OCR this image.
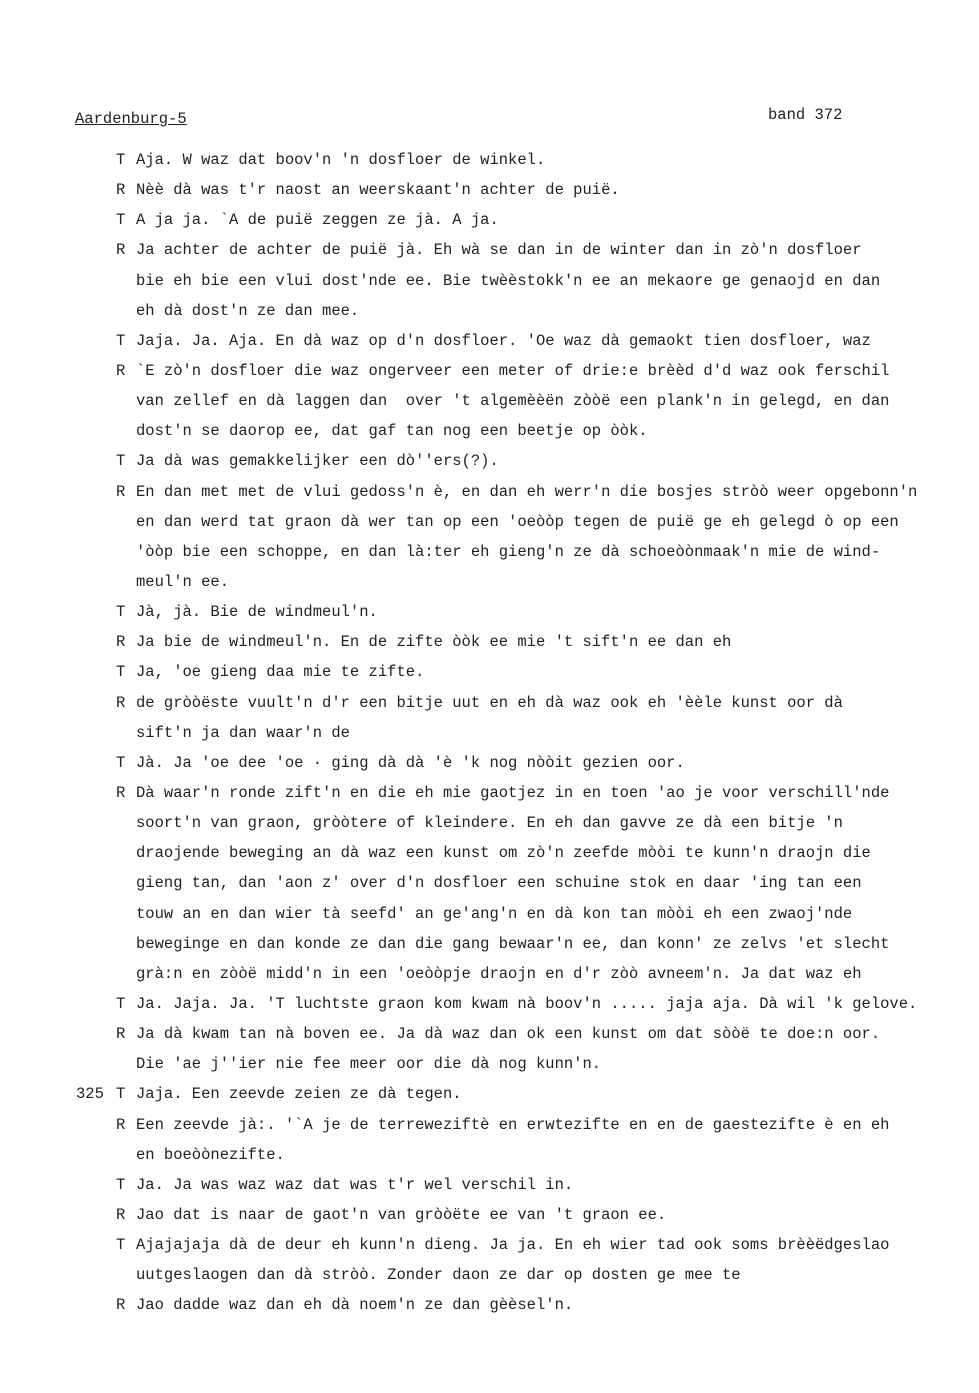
Aardenburg-5	band 372
T Aja. W waz dat boov'n 'n dosfloer de winkel.
R Nèè dà was t'r naost an weerskaant'n achter de puië.
T A ja ja. `A de puië zeggen ze jà. A ja.
R Ja achter de achter de puië jà. Eh wà se dan in de winter dan in zò'n dosfloer
bie eh bie een vlui dost'nde ee. Bie twèèstokk'n ee an mekaore ge genaojd en dan
eh dà dost'n ze dan mee.
T Jaja. Ja. Aja. En dà waz op d'n dosfloer. 'Oe waz dà gemaokt tien dosfloer, waz
R `E zò'n dosfloer die waz ongerveer een meter of drie:e brèèd d'd waz ook ferschil
van zellef en dà laggen dan  over 't algemèèën zòòë een plank'n in gelegd, en dan
dost'n se daorop ee, dat gaf tan nog een beetje op òòk.
T Ja dà was gemakkelijker een dò''ers(?).
R En dan met met de vlui gedoss'n è, en dan eh werr'n die bosjes stròò weer opgebonn'n
en dan werd tat graon dà wer tan op een 'oeòòp tegen de puië ge eh gelegd ò op een
'òòp bie een schoppe, en dan là:ter eh gieng'n ze dà schoeòònmaak'n mie de wind-
meul'n ee.
T Jà, jà. Bie de windmeul'n.
R Ja bie de windmeul'n. En de zifte òòk ee mie 't sift'n ee dan eh
T Ja, 'oe gieng daa mie te zifte.
R de gròòëste vuult'n d'r een bitje uut en eh dà waz ook eh 'èèle kunst oor dà
sift'n ja dan waar'n de
T Jà. Ja 'oe dee 'oe · ging dà dà 'è 'k nog nòòit gezien oor.
R Dà waar'n ronde zift'n en die eh mie gaotjez in en toen 'ao je voor verschill'nde
soort'n van graon, gròòtere of kleindere. En eh dan gavve ze dà een bitje 'n
draojende beweging an dà waz een kunst om zò'n zeefde mòòi te kunn'n draojn die
gieng tan, dan 'aon z' over d'n dosfloer een schuine stok en daar 'ing tan een
touw an en dan wier tà seefd' an ge'ang'n en dà kon tan mòòi eh een zwaoj'nde
beweginge en dan konde ze dan die gang bewaar'n ee, dan konn' ze zelvs 'et slecht
grà:n en zòòë midd'n in een 'oeòòpje draojn en d'r zòò avneem'n. Ja dat waz eh
T Ja. Jaja. Ja. 'T luchtste graon kom kwam nà boov'n ..... jaja aja. Dà wil 'k gelove.
R Ja dà kwam tan nà boven ee. Ja dà waz dan ok een kunst om dat sòòë te doe:n oor.
Die 'ae j''ier nie fee meer oor die dà nog kunn'n.
325 T Jaja. Een zeevde zeien ze dà tegen.
R Een zeevde jà:. '`A je de terreweziftè en erwtezifte en en de gaestezifte è en eh
en boeòònezifte.
T Ja. Ja was waz waz dat was t'r wel verschil in.
R Jao dat is naar de gaot'n van gròòëte ee van 't graon ee.
T Ajajajaja dà de deur eh kunn'n dieng. Ja ja. En eh wier tad ook soms brèèëdgeslao
uutgeslaogen dan dà stròò. Zonder daon ze dar op dosten ge mee te
R Jao dadde waz dan eh dà noem'n ze dan gèèsel'n.
